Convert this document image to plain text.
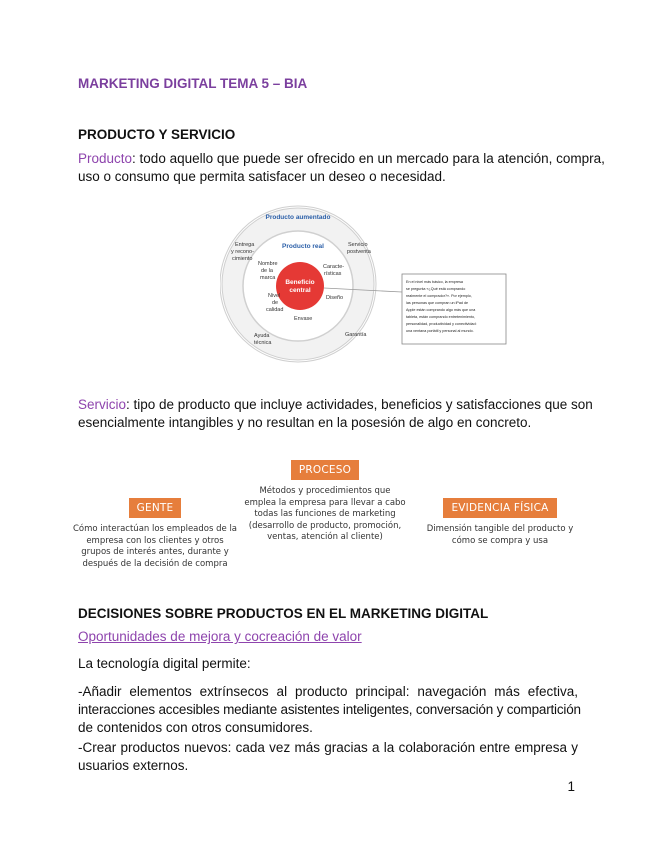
MARKETING DIGITAL TEMA 5 – BIA
PRODUCTO Y SERVICIO
Producto: todo aquello que puede ser ofrecido en un mercado para la atención, compra,
uso o consumo que permita satisfacer un deseo o necesidad.
Producto aumentado
Producto real
Beneficio
central
Entrega
y recono-
cimiento
Servicio
postventa
Garantía
Ayuda
técnica
Nombre
de la
marca
Caracte-
rísticas
Nivel
de
calidad
Diseño
Envase
En el nivel más básico, la empresa
se pregunta «¿Qué está comprando
realmente el comprador?». Por ejemplo,
las personas que compran un iPad de
Apple están comprando algo más que una
tableta, están comprando entretenimiento,
personalidad, productividad y conectividad:
una ventana portátil y personal al mundo.
Servicio: tipo de producto que incluye actividades, beneficios y satisfacciones que son
esencialmente intangibles y no resultan en la posesión de algo en concreto.
PROCESO
Métodos y procedimientos que
emplea la empresa para llevar a cabo
todas las funciones de marketing
(desarrollo de producto, promoción,
ventas, atención al cliente)
GENTE
Cómo interactúan los empleados de la
empresa con los clientes y otros
grupos de interés antes, durante y
después de la decisión de compra
EVIDENCIA FÍSICA
Dimensión tangible del producto y
cómo se compra y usa
DECISIONES SOBRE PRODUCTOS EN EL MARKETING DIGITAL
Oportunidades de mejora y cocreación de valor
La tecnología digital permite:
-Añadir elementos extrínsecos al producto principal: navegación más efectiva,
interacciones accesibles mediante asistentes inteligentes, conversación y compartición
de contenidos con otros consumidores.
-Crear productos nuevos: cada vez más gracias a la colaboración entre empresa y
usuarios externos.
1
